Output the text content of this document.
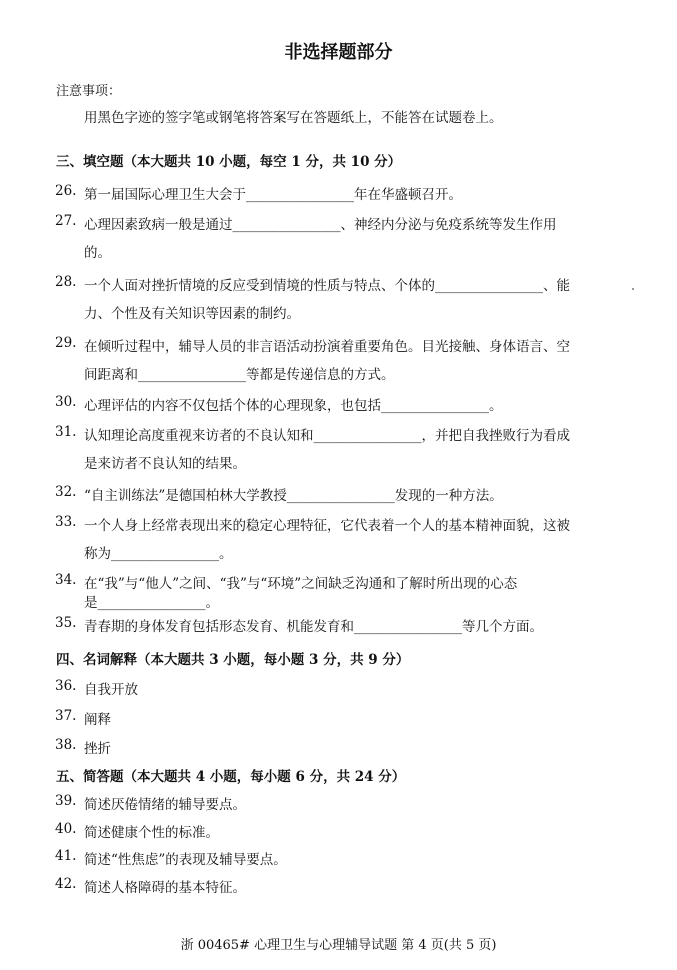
非选择题部分
注意事项：
用黑色字迹的签字笔或钢笔将答案写在答题纸上，不能答在试题卷上。
三、填空题（本大题共 10 小题，每空 1 分，共 10 分）
26. 第一届国际心理卫生大会于________________年在华盛顿召开。
27. 心理因素致病一般是通过________________、神经内分泌与免疫系统等发生作用
的。
28. 一个人面对挫折情境的反应受到情境的性质与特点、个体的________________、能
力、个性及有关知识等因素的制约。
29. 在倾听过程中，辅导人员的非言语活动扮演着重要角色。目光接触、身体语言、空
间距离和________________等都是传递信息的方式。
30. 心理评估的内容不仅包括个体的心理现象，也包括________________。
31. 认知理论高度重视来访者的不良认知和________________，并把自我挫败行为看成
是来访者不良认知的结果。
32. “自主训练法”是德国柏林大学教授________________发现的一种方法。
33. 一个人身上经常表现出来的稳定心理特征，它代表着一个人的基本精神面貌，这被
称为________________。
34. 在“我”与“他人”之间、“我”与“环境”之间缺乏沟通和了解时所出现的心态
是________________。
35. 青春期的身体发育包括形态发育、机能发育和________________等几个方面。
四、名词解释（本大题共 3 小题，每小题 3 分，共 9 分）
36. 自我开放
37. 阐释
38. 挫折
五、简答题（本大题共 4 小题，每小题 6 分，共 24 分）
39. 简述厌倦情绪的辅导要点。
40. 简述健康个性的标准。
41. 简述“性焦虑”的表现及辅导要点。
42. 简述人格障碍的基本特征。
浙 00465# 心理卫生与心理辅导试题 第 4 页(共 5 页)
